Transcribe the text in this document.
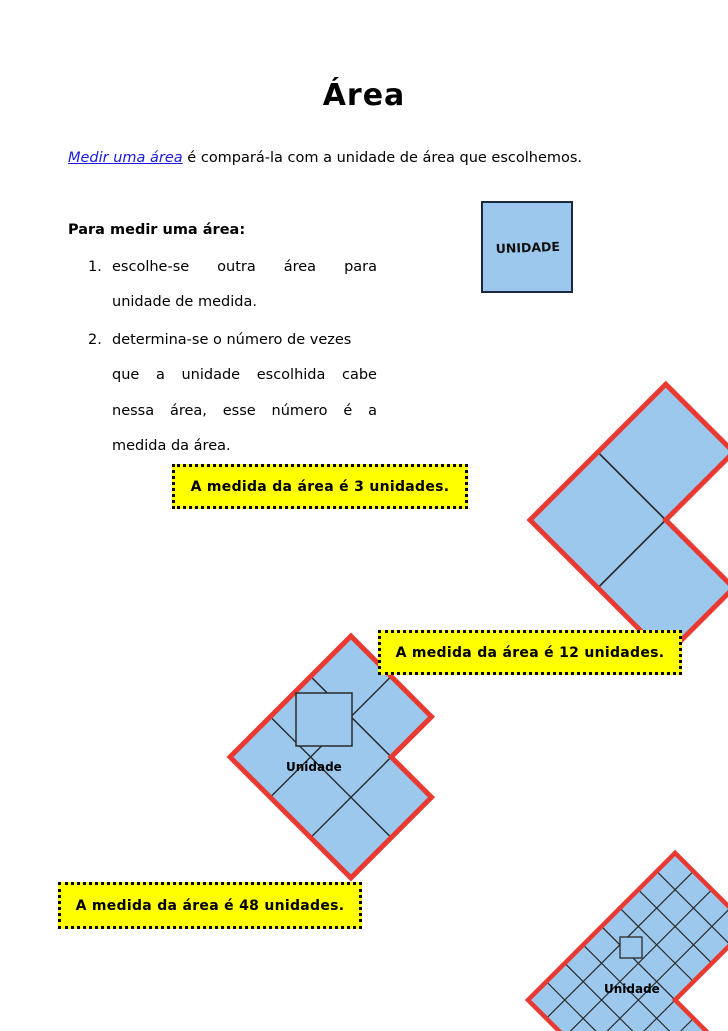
Área
Medir uma área é compará-la com a unidade de área que escolhemos.
Para medir uma área:
1. escolhe-se outra área para
unidade de medida.
2. determina-se o número de vezes
que a unidade escolhida cabe
nessa área, esse número é a
medida da área.
UNIDADE
A medida da área é 3 unidades.
Unidade
A medida da área é 12 unidades.
Unidade
A medida da área é 48 unidades.
